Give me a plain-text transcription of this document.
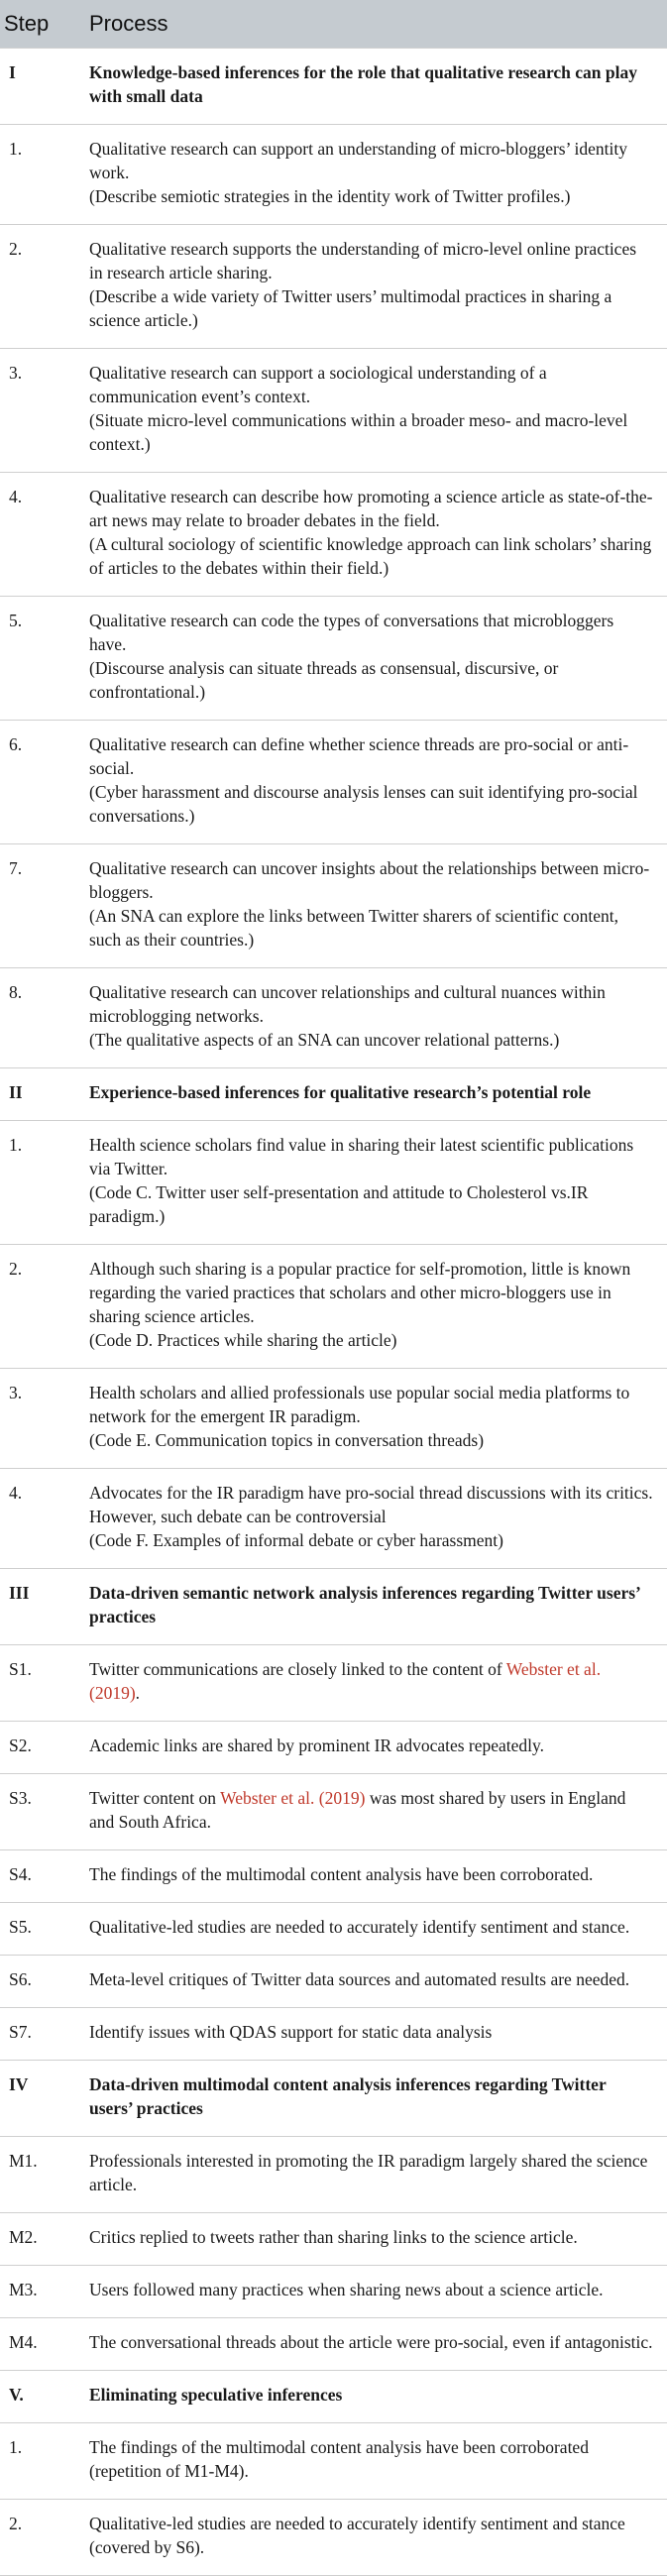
Step	Process
I	Knowledge-based inferences for the role that qualitative research can play with small data
1.	Qualitative research can support an understanding of micro-bloggers’ identity work.
(Describe semiotic strategies in the identity work of Twitter profiles.)

2.	Qualitative research supports the understanding of micro-level online practices in research article sharing.
(Describe a wide variety of Twitter users’ multimodal practices in sharing a science article.)

3.	Qualitative research can support a sociological understanding of a communication event’s context.
(Situate micro-level communications within a broader meso- and macro-level context.)

4.	Qualitative research can describe how promoting a science article as state-of-the-art news may relate to broader debates in the field.
(A cultural sociology of scientific knowledge approach can link scholars’ sharing of articles to the debates within their field.)

5.	Qualitative research can code the types of conversations that microbloggers have.
(Discourse analysis can situate threads as consensual, discursive, or confrontational.)

6.	Qualitative research can define whether science threads are pro-social or anti-social.
(Cyber harassment and discourse analysis lenses can suit identifying pro-social conversations.)

7.	Qualitative research can uncover insights about the relationships between micro-bloggers.
(An SNA can explore the links between Twitter sharers of scientific content, such as their countries.)

8.	Qualitative research can uncover relationships and cultural nuances within microblogging networks.
(The qualitative aspects of an SNA can uncover relational patterns.)

II	Experience-based inferences for qualitative research’s potential role
1.	Health science scholars find value in sharing their latest scientific publications via Twitter.
(Code C. Twitter user self-presentation and attitude to Cholesterol vs.IR paradigm.)

2.	Although such sharing is a popular practice for self-promotion, little is known regarding the varied practices that scholars and other micro-bloggers use in sharing science articles.
(Code D. Practices while sharing the article)

3.	Health scholars and allied professionals use popular social media platforms to network for the emergent IR paradigm.
(Code E. Communication topics in conversation threads)

4.	Advocates for the IR paradigm have pro-social thread discussions with its critics. However, such debate can be controversial
(Code F. Examples of informal debate or cyber harassment)

III	Data-driven semantic network analysis inferences regarding Twitter users’ practices
S1.	Twitter communications are closely linked to the content of Webster et al. (2019).
S2.	Academic links are shared by prominent IR advocates repeatedly.

S3.	Twitter content on Webster et al. (2019) was most shared by users in England and South Africa.
S4.	The findings of the multimodal content analysis have been corroborated.

S5.	Qualitative-led studies are needed to accurately identify sentiment and stance.

S6.	Meta-level critiques of Twitter data sources and automated results are needed.

S7.	Identify issues with QDAS support for static data analysis

IV	Data-driven multimodal content analysis inferences regarding Twitter users’ practices
M1.	Professionals interested in promoting the IR paradigm largely shared the science article.

M2.	Critics replied to tweets rather than sharing links to the science article.

M3.	Users followed many practices when sharing news about a science article.

M4.	The conversational threads about the article were pro-social, even if antagonistic.

V.	Eliminating speculative inferences
1.	The findings of the multimodal content analysis have been corroborated (repetition of M1-M4).

2.	Qualitative-led studies are needed to accurately identify sentiment and stance (covered by S6).
